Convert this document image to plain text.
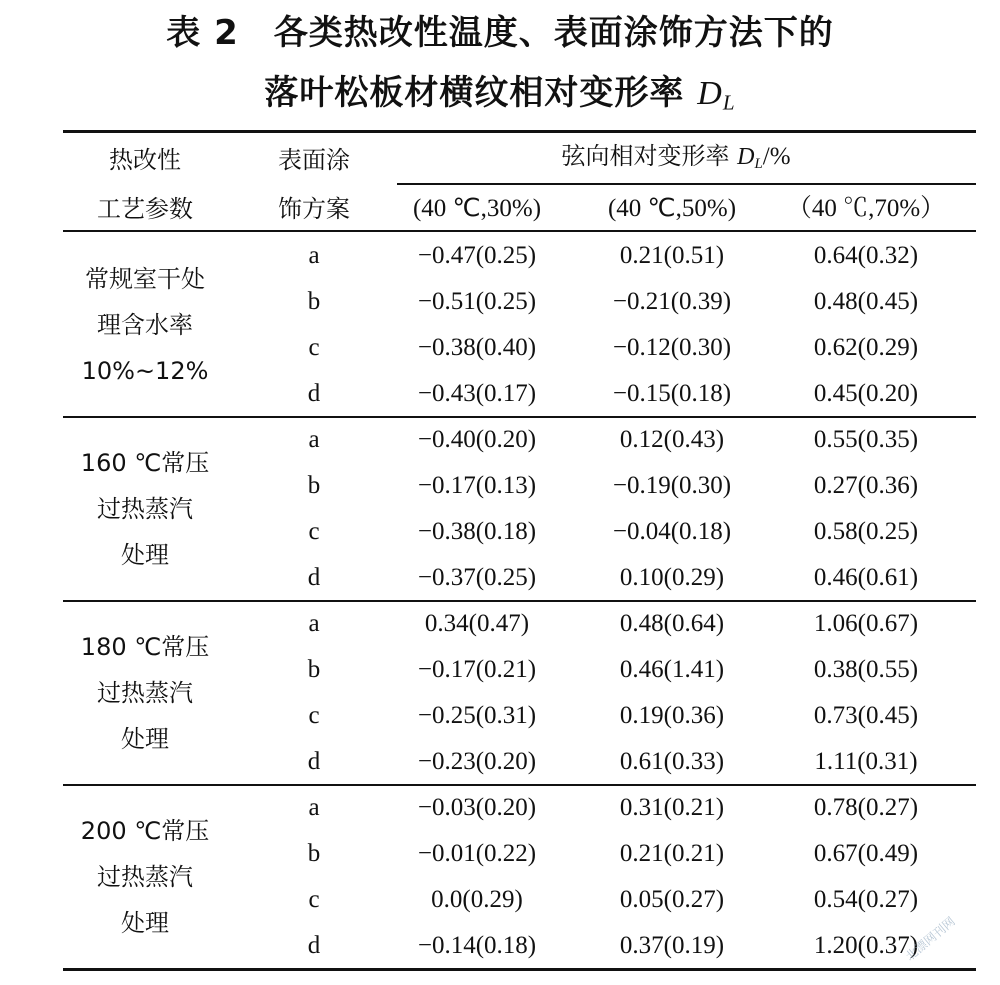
表 2　各类热改性温度、表面涂饰方法下的
落叶松板材横纹相对变形率 $D_L$
热改性
工艺参数
表面涂
饰方案
弦向相对变形率 $D_L/\%$
(40 ℃,30%)	(40 ℃,50%) （40 ℃,70%）
常规室干处
理含水率
10%~12%
a	−0.47(0.25)	0.21(0.51)	0.64(0.32)
b	−0.51(0.25)	−0.21(0.39)	0.48(0.45)
c	−0.38(0.40)	−0.12(0.30)	0.62(0.29)
d	−0.43(0.17)	−0.15(0.18)	0.45(0.20)
160 ℃常压
过热蒸汽
处理
a	−0.40(0.20)	0.12(0.43)	0.55(0.35)
b	−0.17(0.13)	−0.19(0.30)	0.27(0.36)
c	−0.38(0.18)	−0.04(0.18)	0.58(0.25)
d	−0.37(0.25)	0.10(0.29)	0.46(0.61)
180 ℃常压
过热蒸汽
处理
a	0.34(0.47)	0.48(0.64)	1.06(0.67)
b	−0.17(0.21)	0.46(1.41)	0.38(0.55)
c	−0.25(0.31)	0.19(0.36)	0.73(0.45)
d	−0.23(0.20)	0.61(0.33)	1.11(0.31)
200 ℃常压
过热蒸汽
处理
a	−0.03(0.20)	0.31(0.21)	0.78(0.27)
b	−0.01(0.22)	0.21(0.21)	0.67(0.49)
c	0.0(0.29)	0.05(0.27)	0.54(0.27)
d	−0.14(0.18)	0.37(0.19)	1.20(0.37)
北漂网刊网
